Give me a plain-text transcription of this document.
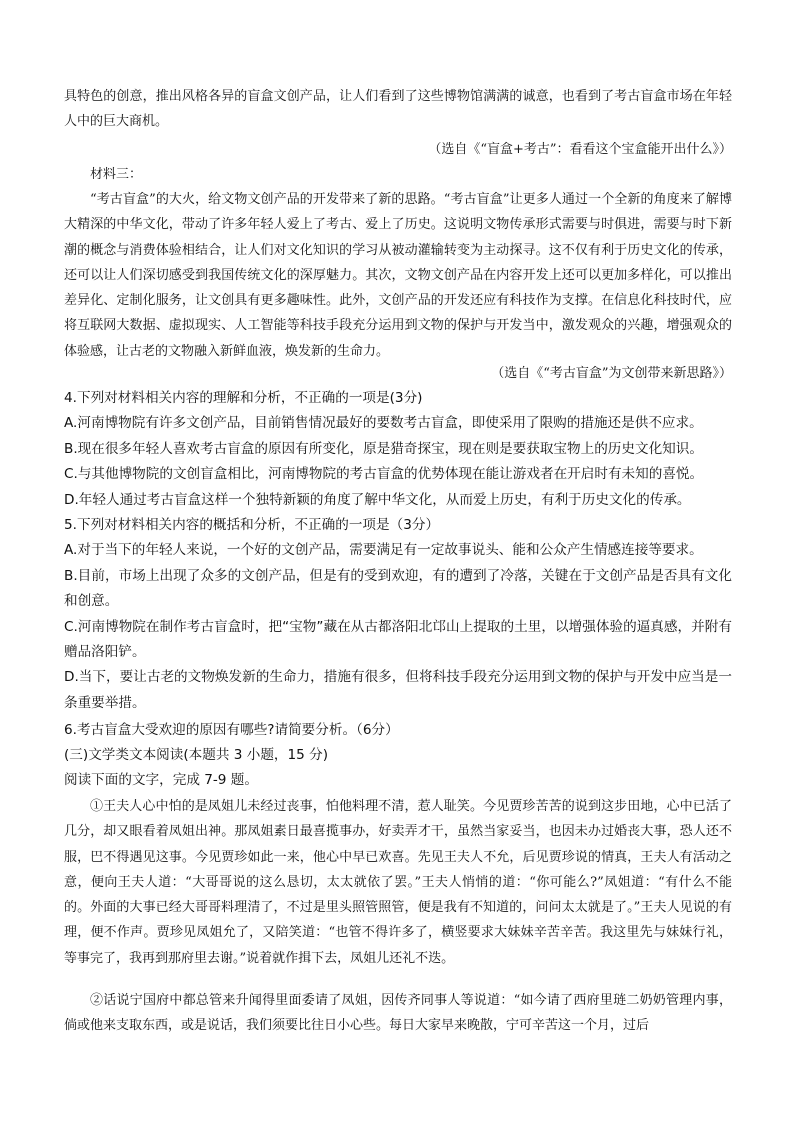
具特色的创意，推出风格各异的盲盒文创产品，让人们看到了这些博物馆满满的诚意，也看到了考古盲盒市场在年轻人中的巨大商机。

（选自《“盲盒+考古”：看看这个宝盒能开出什么》）

材料三：

“考古盲盒”的大火，给文物文创产品的开发带来了新的思路。“考古盲盒”让更多人通过一个全新的角度来了解博大精深的中华文化，带动了许多年轻人爱上了考古、爱上了历史。这说明文物传承形式需要与时俱进，需要与时下新潮的概念与消费体验相结合，让人们对文化知识的学习从被动灌输转变为主动探寻。这不仅有利于历史文化的传承，还可以让人们深切感受到我国传统文化的深厚魅力。其次，文物文创产品在内容开发上还可以更加多样化，可以推出差异化、定制化服务，让文创具有更多趣味性。此外，文创产品的开发还应有科技作为支撑。在信息化科技时代，应将互联网大数据、虚拟现实、人工智能等科技手段充分运用到文物的保护与开发当中，激发观众的兴趣，增强观众的体验感，让古老的文物融入新鲜血液，焕发新的生命力。

（选自《“考古盲盒”为文创带来新思路》）

4.下列对材料相关内容的理解和分析，不正确的一项是(3分)

A.河南博物院有许多文创产品，目前销售情况最好的要数考古盲盒，即使采用了限购的措施还是供不应求。

B.现在很多年轻人喜欢考古盲盒的原因有所变化，原是猎奇探宝，现在则是要获取宝物上的历史文化知识。

C.与其他博物院的文创盲盒相比，河南博物院的考古盲盒的优势体现在能让游戏者在开启时有未知的喜悦。

D.年轻人通过考古盲盒这样一个独特新颖的角度了解中华文化，从而爱上历史，有利于历史文化的传承。

5.下列对材料相关内容的概括和分析，不正确的一项是（3分）

A.对于当下的年轻人来说，一个好的文创产品，需要满足有一定故事说头、能和公众产生情感连接等要求。

B.目前，市场上出现了众多的文创产品，但是有的受到欢迎，有的遭到了冷落，关键在于文创产品是否具有文化和创意。

C.河南博物院在制作考古盲盒时，把“宝物”藏在从古都洛阳北邙山上提取的土里，以增强体验的逼真感，并附有赠品洛阳铲。

D.当下，要让古老的文物焕发新的生命力，措施有很多，但将科技手段充分运用到文物的保护与开发中应当是一条重要举措。

6.考古盲盒大受欢迎的原因有哪些?请简要分析。（6分）

(三)文学类文本阅读(本题共 3 小题，15 分)

阅读下面的文字，完成 7-9 题。

①王夫人心中怕的是凤姐儿未经过丧事，怕他料理不清，惹人耻笑。今见贾珍苦苦的说到这步田地，心中已活了几分，却又眼看着凤姐出神。那凤姐素日最喜揽事办，好卖弄才干，虽然当家妥当，也因未办过婚丧大事，恐人还不服，巴不得遇见这事。今见贾珍如此一来，他心中早已欢喜。先见王夫人不允，后见贾珍说的情真，王夫人有活动之意，便向王夫人道：“大哥哥说的这么恳切，太太就依了罢。”王夫人悄悄的道：“你可能么?”凤姐道：“有什么不能的。外面的大事已经大哥哥料理清了，不过是里头照管照管，便是我有不知道的，问问太太就是了。”王夫人见说的有理，便不作声。贾珍见凤姐允了，又陪笑道：“也管不得许多了，横竖要求大妹妹辛苦辛苦。我这里先与妹妹行礼，等事完了，我再到那府里去谢。”说着就作揖下去，凤姐儿还礼不迭。

②话说宁国府中都总管来升闻得里面委请了凤姐，因传齐同事人等说道：“如今请了西府里琏二奶奶管理内事，倘或他来支取东西，或是说话，我们须要比往日小心些。每日大家早来晚散，宁可辛苦这一个月，过后
